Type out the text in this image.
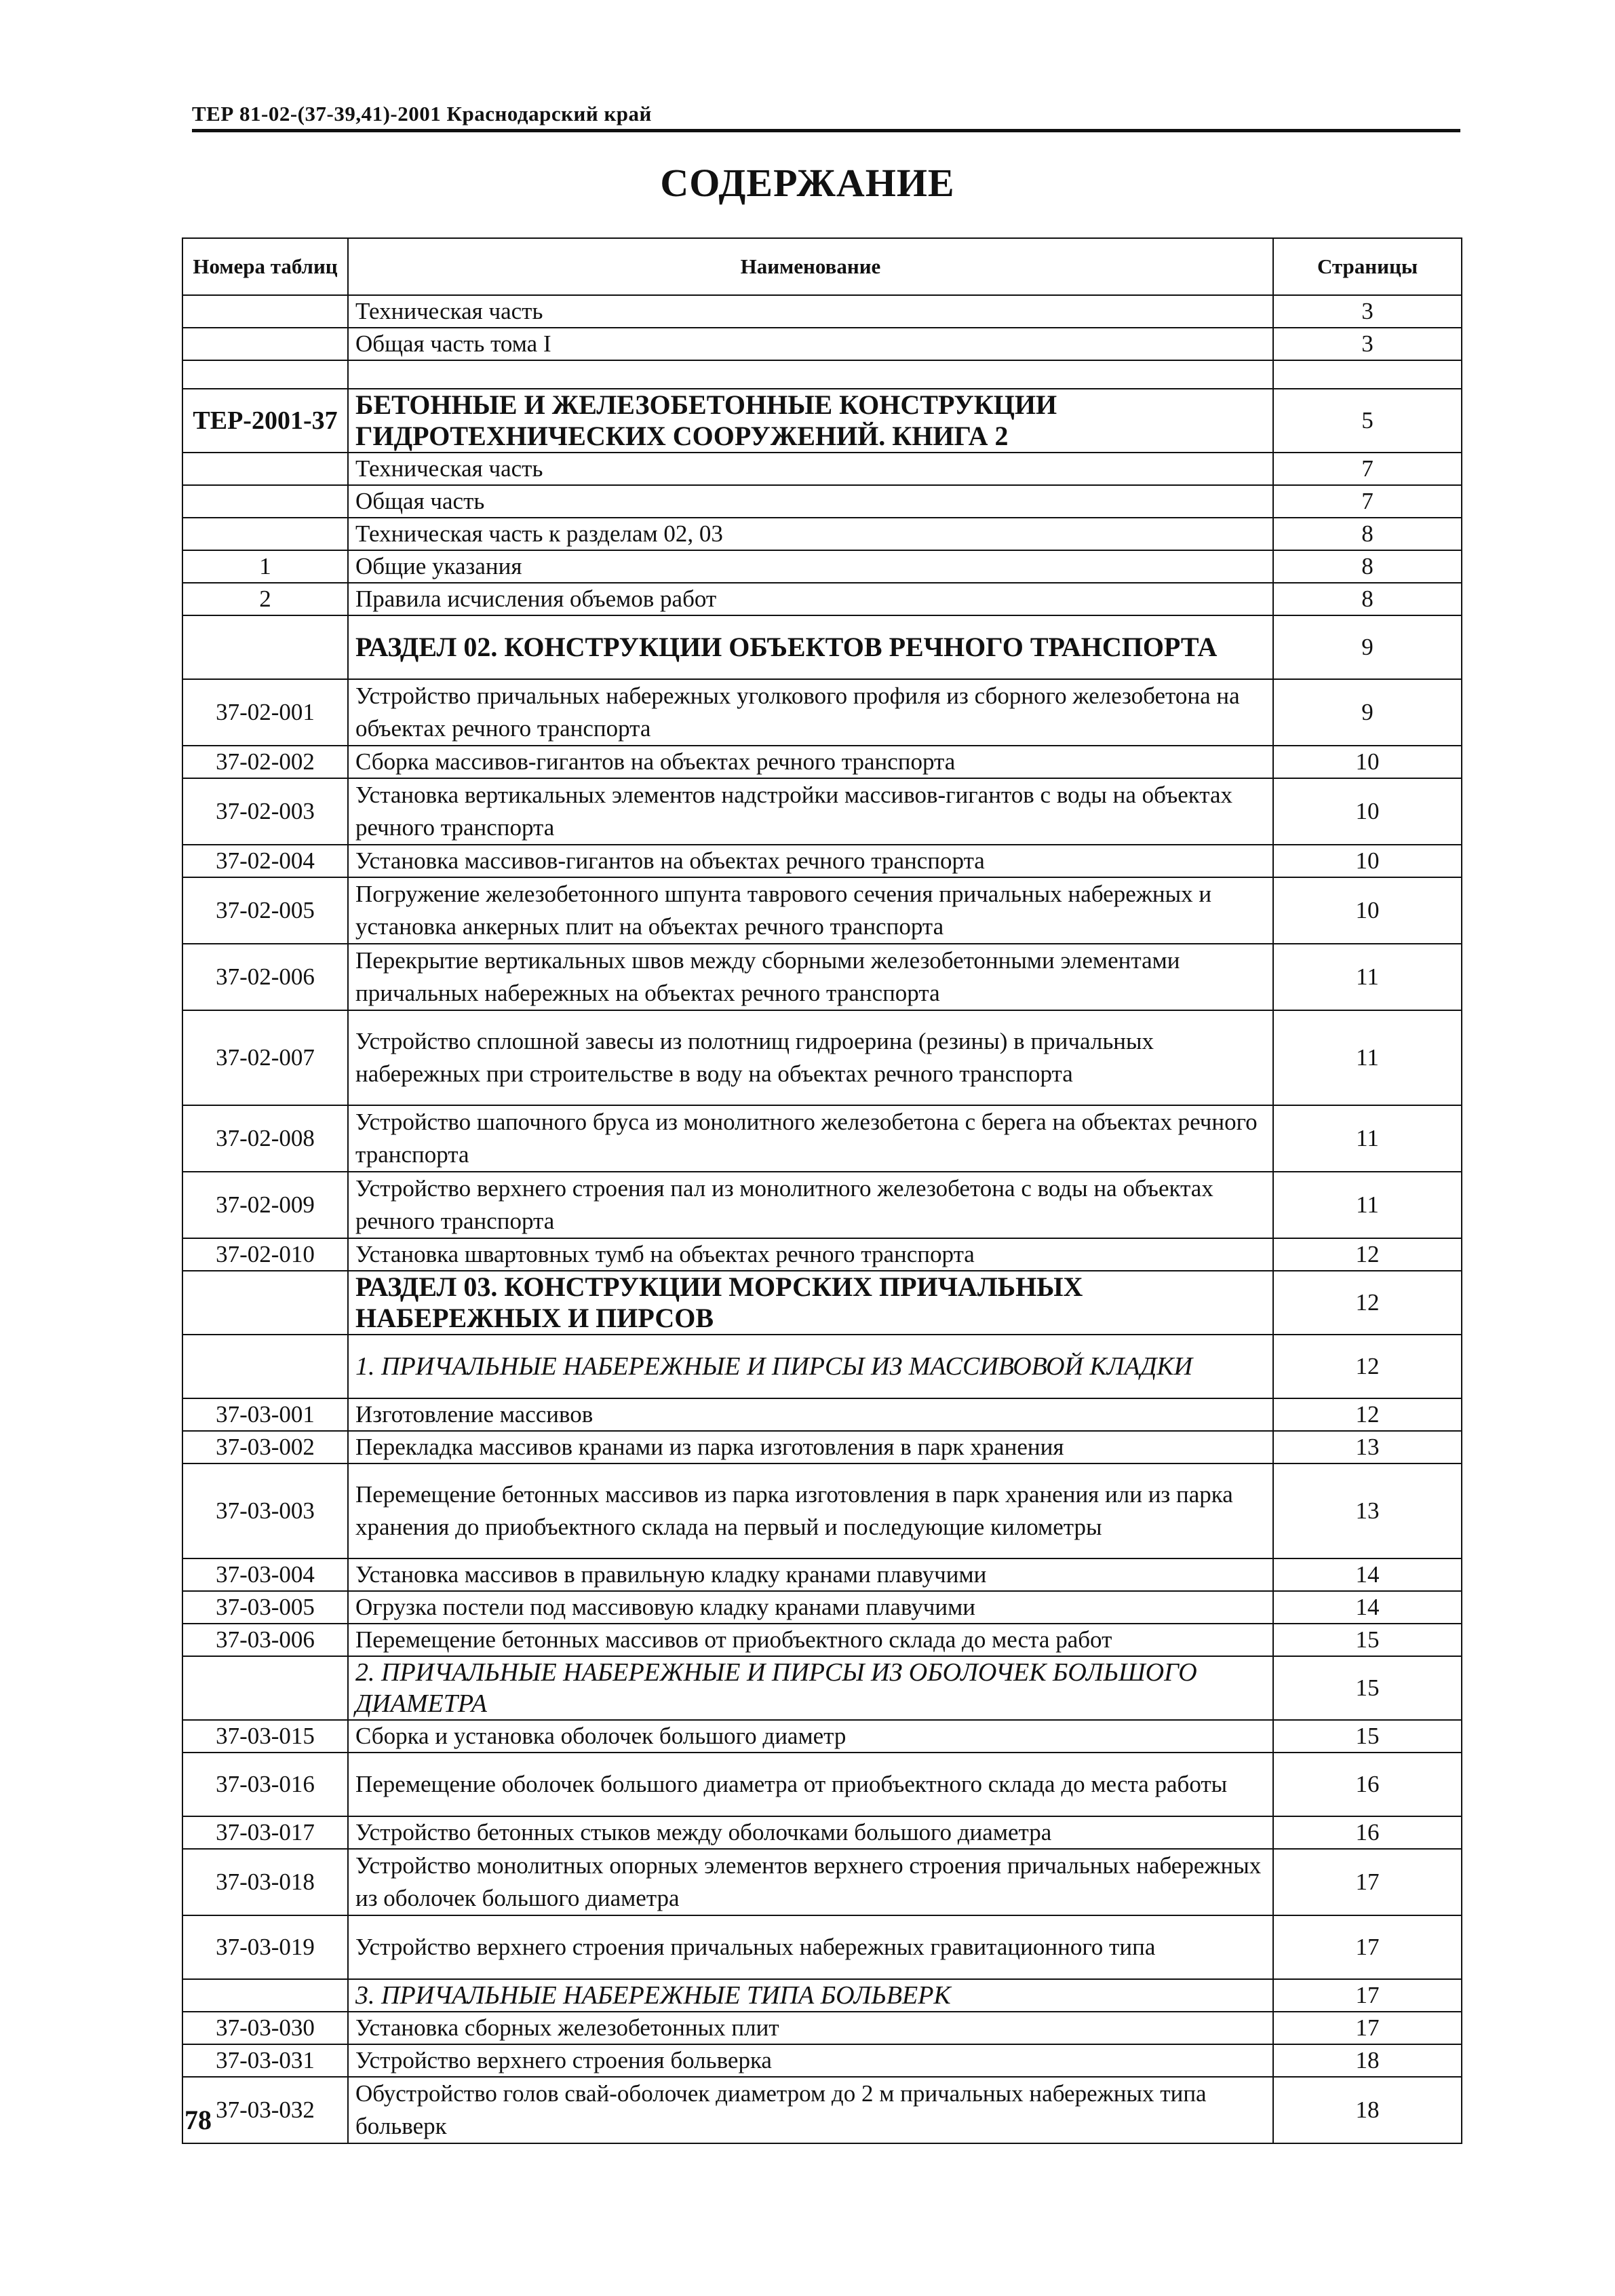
ТЕР 81-02-(37-39,41)-2001 Краснодарский край
СОДЕРЖАНИЕ
Номера таблиц	Наименование	Страницы
	Техническая часть	3
	Общая часть тома I	3

ТЕР-2001-37	БЕТОННЫЕ И ЖЕЛЕЗОБЕТОННЫЕ КОНСТРУКЦИИ ГИДРОТЕХНИЧЕСКИХ СООРУЖЕНИЙ. КНИГА 2	5
	Техническая часть	7
	Общая часть	7
	Техническая часть к разделам 02, 03	8
1	Общие указания	8
2	Правила исчисления объемов работ	8
	РАЗДЕЛ 02. КОНСТРУКЦИИ ОБЪЕКТОВ РЕЧНОГО ТРАНСПОРТА	9
37-02-001	Устройство причальных набережных уголкового профиля из сборного железобетона на объектах речного транспорта	9
37-02-002	Сборка массивов-гигантов на объектах речного транспорта	10
37-02-003	Установка вертикальных элементов надстройки массивов-гигантов с воды на объектах речного транспорта	10
37-02-004	Установка массивов-гигантов на объектах речного транспорта	10
37-02-005	Погружение железобетонного шпунта таврового сечения причальных набережных и установка анкерных плит на объектах речного транспорта	10
37-02-006	Перекрытие вертикальных швов между сборными железобетонными элементами причальных набережных на объектах речного транспорта	11
37-02-007	Устройство сплошной завесы из полотнищ гидроерина (резины) в причальных набережных при строительстве в воду на объектах речного транспорта	11
37-02-008	Устройство шапочного бруса из монолитного железобетона с берега на объектах речного транспорта	11
37-02-009	Устройство верхнего строения пал из монолитного железобетона с воды на объектах речного транспорта	11
37-02-010	Установка швартовных тумб на объектах речного транспорта	12
	РАЗДЕЛ 03. КОНСТРУКЦИИ МОРСКИХ ПРИЧАЛЬНЫХ НАБЕРЕЖНЫХ И ПИРСОВ	12
	1. ПРИЧАЛЬНЫЕ НАБЕРЕЖНЫЕ И ПИРСЫ ИЗ МАССИВОВОЙ КЛАДКИ	12
37-03-001	Изготовление массивов	12
37-03-002	Перекладка массивов кранами из парка изготовления в парк хранения	13
37-03-003	Перемещение бетонных массивов из парка изготовления в парк хранения или из парка хранения до приобъектного склада на первый и последующие километры	13
37-03-004	Установка массивов в правильную кладку кранами плавучими	14
37-03-005	Огрузка постели под массивовую кладку кранами плавучими	14
37-03-006	Перемещение бетонных массивов от приобъектного склада до места работ	15
	2. ПРИЧАЛЬНЫЕ НАБЕРЕЖНЫЕ И ПИРСЫ ИЗ ОБОЛОЧЕК БОЛЬШОГО ДИАМЕТРА	15
37-03-015	Сборка и установка оболочек большого диаметр	15
37-03-016	Перемещение оболочек большого диаметра от приобъектного склада до места работы	16
37-03-017	Устройство бетонных стыков между оболочками большого диаметра	16
37-03-018	Устройство монолитных опорных элементов верхнего строения причальных набережных из оболочек большого диаметра	17
37-03-019	Устройство верхнего строения причальных набережных гравитационного типа	17
	3. ПРИЧАЛЬНЫЕ НАБЕРЕЖНЫЕ ТИПА БОЛЬВЕРК	17
37-03-030	Установка сборных железобетонных плит	17
37-03-031	Устройство верхнего строения больверка	18
37-03-032	Обустройство голов свай-оболочек диаметром до 2 м причальных набережных типа больверк	18
78
